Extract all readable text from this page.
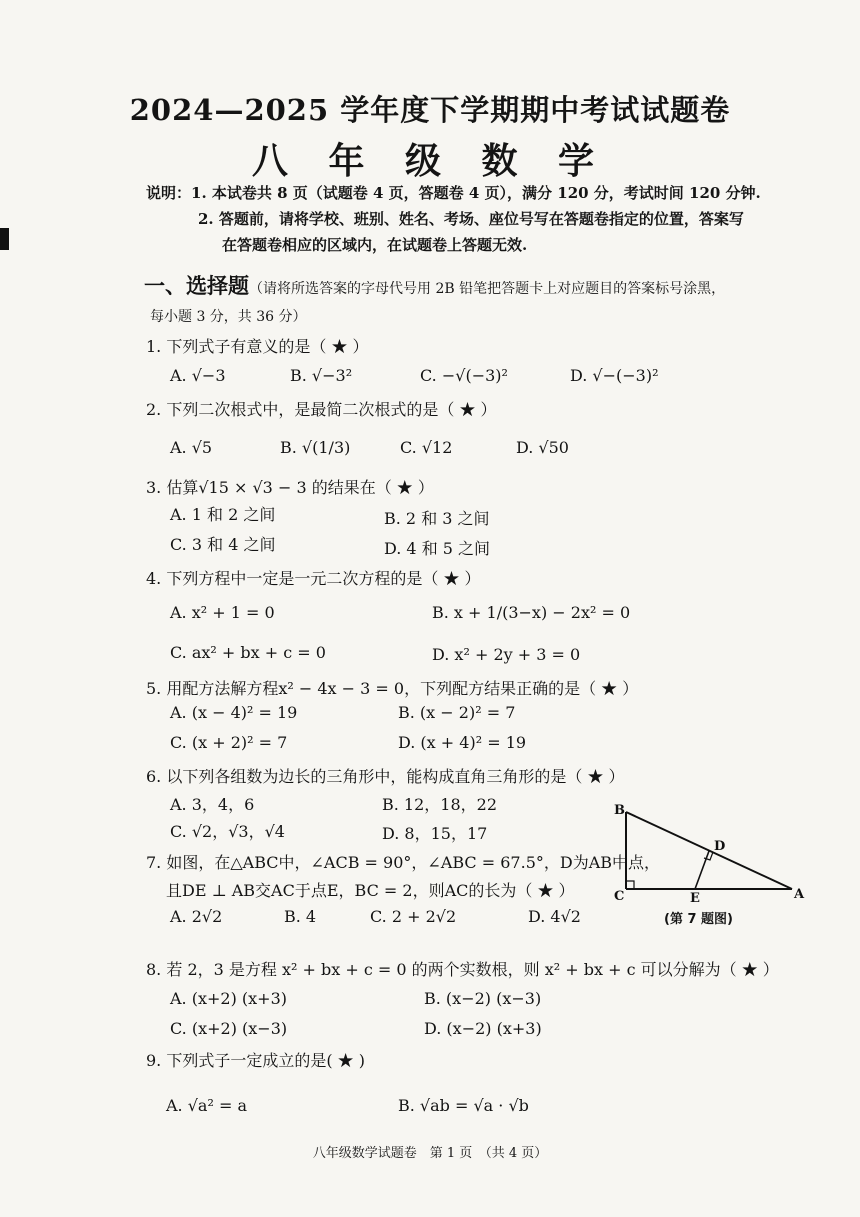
2024—2025 学年度下学期期中考试试题卷
八 年 级 数 学
说明：1. 本试卷共 8 页（试题卷 4 页，答题卷 4 页），满分 120 分，考试时间 120 分钟.
2. 答题前，请将学校、班别、姓名、考场、座位号写在答题卷指定的位置，答案写
在答题卷相应的区域内，在试题卷上答题无效.
一、选择题（请将所选答案的字母代号用 2B 铅笔把答题卡上对应题目的答案标号涂黑，
每小题 3 分，共 36 分）
1. 下列式子有意义的是（ ★ ）
A. √−3	B. √−3²	C. −√(−3)²	D. √−(−3)²
2. 下列二次根式中，是最简二次根式的是（ ★ ）
A. √5	B. √(1/3)	C. √12	D. √50
3. 估算√15 × √3 − 3 的结果在（ ★ ）
A. 1 和 2 之间	B. 2 和 3 之间
C. 3 和 4 之间	D. 4 和 5 之间
4. 下列方程中一定是一元二次方程的是（ ★ ）
A. x² + 1 = 0	B. x + 1/(3−x) − 2x² = 0
C. ax² + bx + c = 0	D. x² + 2y + 3 = 0
5. 用配方法解方程x² − 4x − 3 = 0，下列配方结果正确的是（ ★ ）
A. (x − 4)² = 19	B. (x − 2)² = 7
C. (x + 2)² = 7	D. (x + 4)² = 19
6. 以下列各组数为边长的三角形中，能构成直角三角形的是（ ★ ）
A. 3，4，6	B. 12，18，22
C. √2，√3，√4	D. 8，15，17
7. 如图，在△ABC中，∠ACB = 90°，∠ABC = 67.5°，D为AB中点，
且DE ⊥ AB交AC于点E，BC = 2，则AC的长为（ ★ ）
A. 2√2	B. 4	C. 2 + 2√2	D. 4√2
B
C
D
E	A
(第 7 题图)
8. 若 2，3 是方程 x² + bx + c = 0 的两个实数根，则 x² + bx + c 可以分解为（ ★ ）
A. (x+2) (x+3)	B. (x−2) (x−3)
C. (x+2) (x−3)	D. (x−2) (x+3)
9. 下列式子一定成立的是( ★ )
A. √a² = a	B. √ab = √a · √b
八年级数学试题卷　第 1 页　（共 4 页）
